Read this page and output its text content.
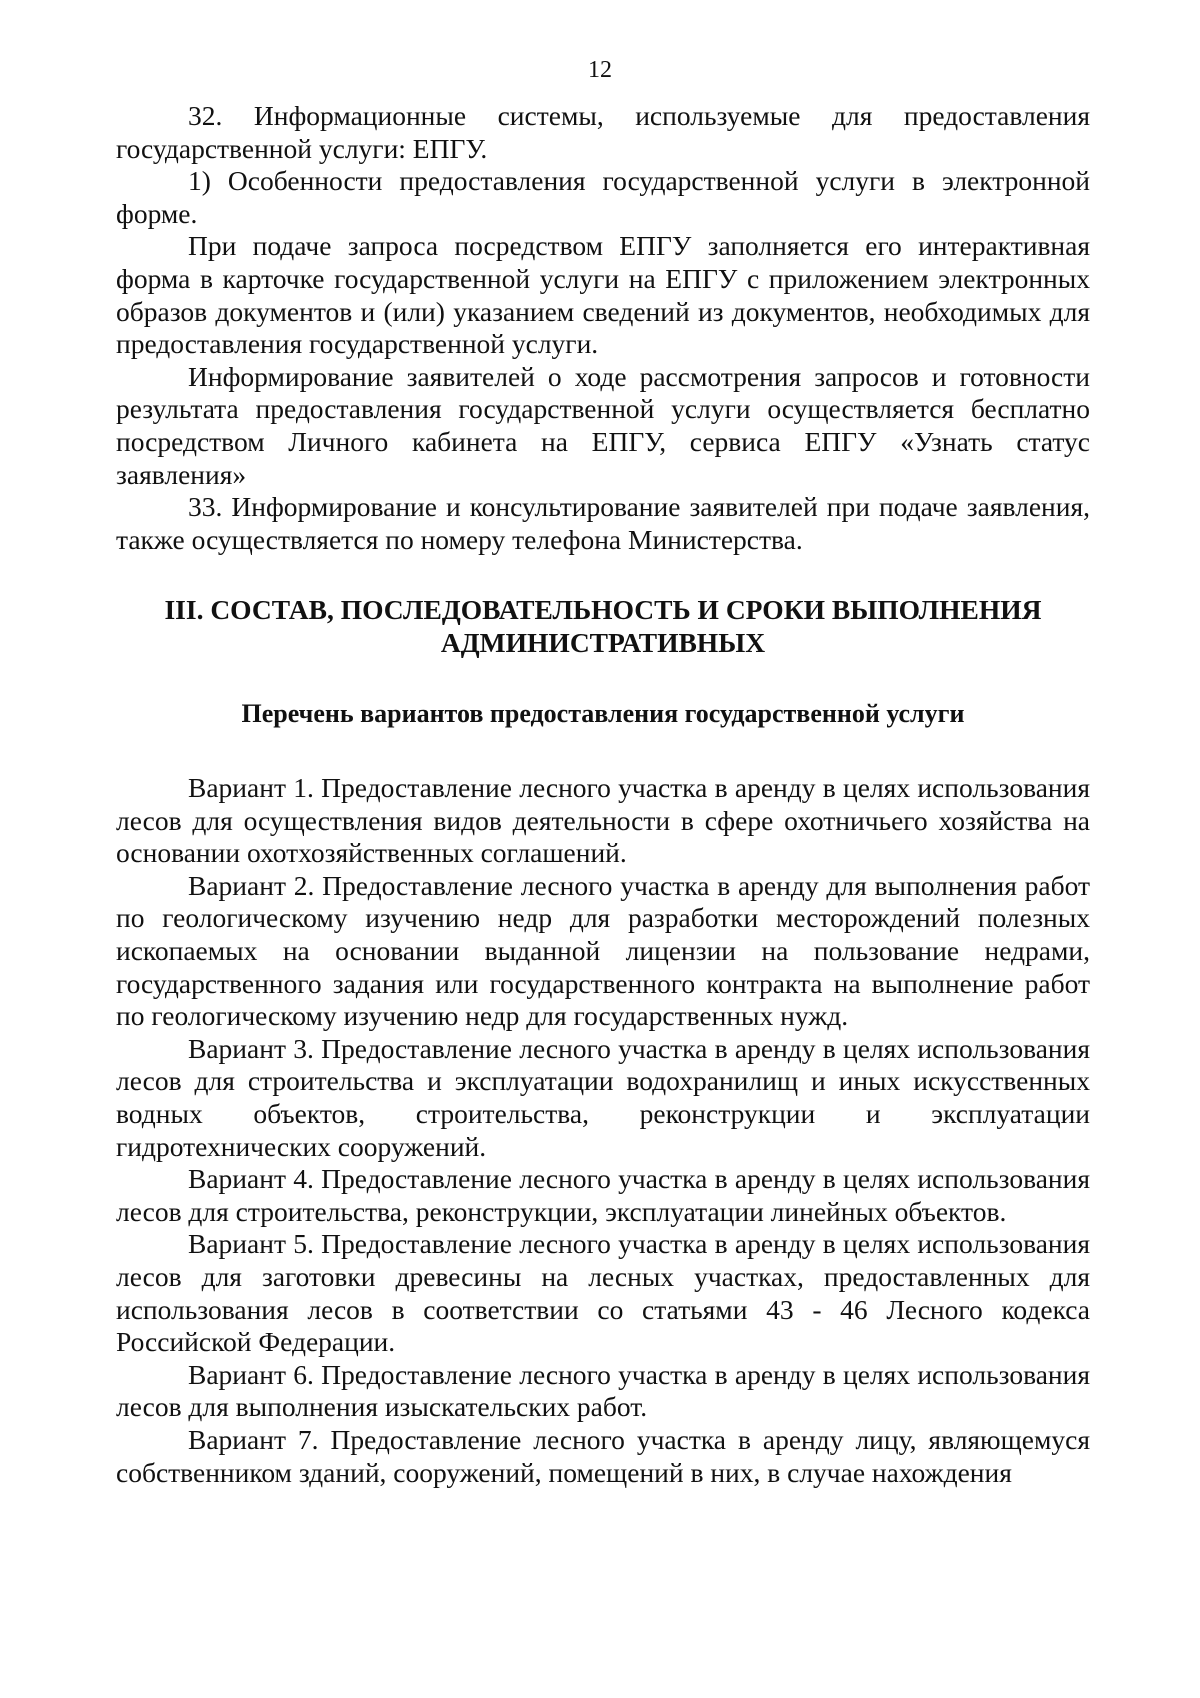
12

32. Информационные системы, используемые для предоставления государственной услуги: ЕПГУ.

1) Особенности предоставления государственной услуги в электронной форме.

При подаче запроса посредством ЕПГУ заполняется его интерактивная форма в карточке государственной услуги на ЕПГУ с приложением электронных образов документов и (или) указанием сведений из документов, необходимых для предоставления государственной услуги.

Информирование заявителей о ходе рассмотрения запросов и готовности результата предоставления государственной услуги осуществляется бесплатно посредством Личного кабинета на ЕПГУ, сервиса ЕПГУ «Узнать статус заявления»

33. Информирование и консультирование заявителей при подаче заявления, также осуществляется по номеру телефона Министерства.

III. СОСТАВ, ПОСЛЕДОВАТЕЛЬНОСТЬ И СРОКИ ВЫПОЛНЕНИЯ
АДМИНИСТРАТИВНЫХ
Перечень вариантов предоставления государственной услуги

Вариант 1. Предоставление лесного участка в аренду в целях использования лесов для осуществления видов деятельности в сфере охотничьего хозяйства на основании охотхозяйственных соглашений.

Вариант 2. Предоставление лесного участка в аренду для выполнения работ по геологическому изучению недр для разработки месторождений полезных ископаемых на основании выданной лицензии на пользование недрами, государственного задания или государственного контракта на выполнение работ по геологическому изучению недр для государственных нужд.

Вариант 3. Предоставление лесного участка в аренду в целях использования лесов для строительства и эксплуатации водохранилищ и иных искусственных водных объектов, строительства, реконструкции и эксплуатации гидротехнических сооружений.

Вариант 4. Предоставление лесного участка в аренду в целях использования лесов для строительства, реконструкции, эксплуатации линейных объектов.

Вариант 5. Предоставление лесного участка в аренду в целях использования лесов для заготовки древесины на лесных участках, предоставленных для использования лесов в соответствии со статьями 43 - 46 Лесного кодекса Российской Федерации.

Вариант 6. Предоставление лесного участка в аренду в целях использования лесов для выполнения изыскательских работ.

Вариант 7. Предоставление лесного участка в аренду лицу, являющемуся собственником зданий, сооружений, помещений в них, в случае нахождения
